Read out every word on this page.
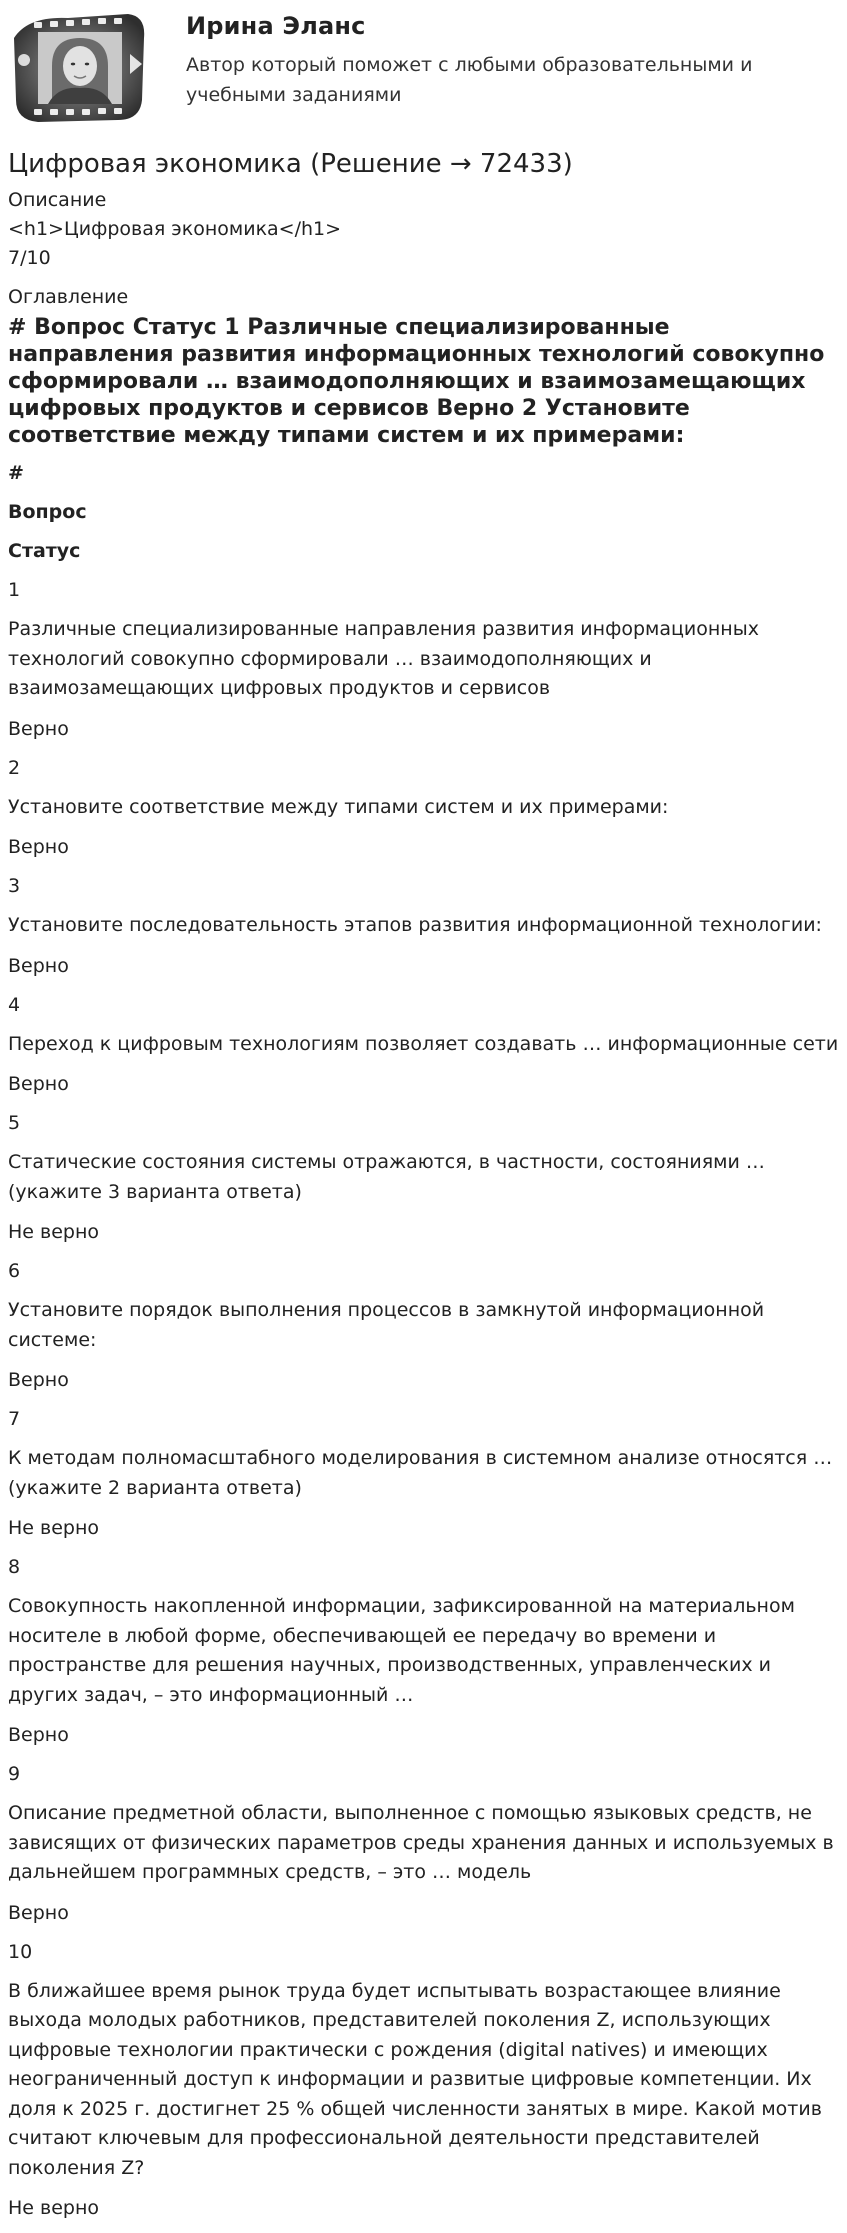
Ирина Эланс
Автор который поможет с любыми образовательными и учебными заданиями
Цифровая экономика (Решение → 72433)
Описание
<h1>Цифровая экономика</h1>
7/10
Оглавление
# Вопрос Статус 1 Различные специализированные направления развития информационных технологий совокупно сформировали … взаимодополняющих и взаимозамещающих цифровых продуктов и сервисов Верно 2 Установите соответствие между типами систем и их примерами:
#
Вопрос
Статус
1
Различные специализированные направления развития информационных технологий совокупно сформировали … взаимодополняющих и взаимозамещающих цифровых продуктов и сервисов
Верно
2
Установите соответствие между типами систем и их примерами:
Верно
3
Установите последовательность этапов развития информационной технологии:
Верно
4
Переход к цифровым технологиям позволяет создавать … информационные сети
Верно
5
Статические состояния системы отражаются, в частности, состояниями … (укажите 3 варианта ответа)
Не верно
6
Установите порядок выполнения процессов в замкнутой информационной системе:
Верно
7
К методам полномасштабного моделирования в системном анализе относятся … (укажите 2 варианта ответа)
Не верно
8
Совокупность накопленной информации, зафиксированной на материальном носителе в любой форме, обеспечивающей ее передачу во времени и пространстве для решения научных, производственных, управленческих и других задач, – это информационный …
Верно
9
Описание предметной области, выполненное с помощью языковых средств, не зависящих от физических параметров среды хранения данных и используемых в дальнейшем программных средств, – это … модель
Верно
10
В ближайшее время рынок труда будет испытывать возрастающее влияние выхода молодых работников, представителей поколения Z, использующих цифровые технологии практически с рождения (digital natives) и имеющих неограниченный доступ к информации и развитые цифровые компетенции. Их доля к 2025 г. достигнет 25 % общей численности занятых в мире. Какой мотив считают ключевым для профессиональной деятельности представителей поколения Z?
Не верно
